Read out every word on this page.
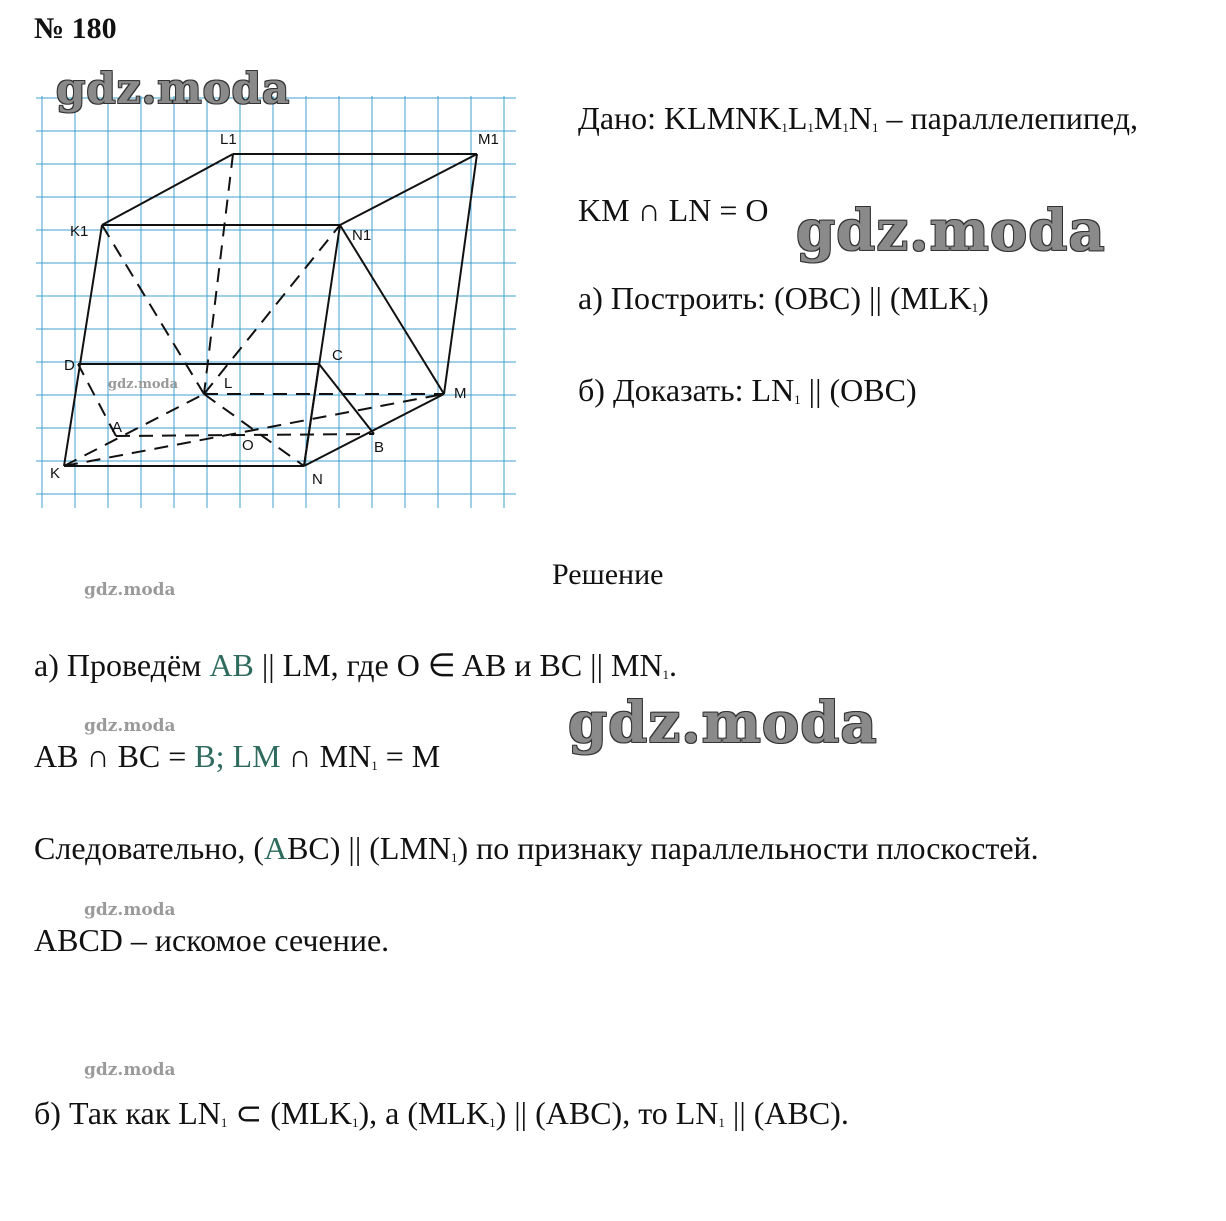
№ 180
L1	M1
K1	N1
D
C
L
M
A
O	B
K	N
gdz.moda
gdz.moda
Дано: $KLMNK_1L_1M_1N_1$ – параллелепипед,
KM ∩ LN = O gdz.moda
а) Построить: (OBC) || $(MLK_1)$
б) Доказать: $LN_1$ || (OBC)
Решение
gdz.moda
а) Проведём AB || LM, где O ∈ AB и BC || $MN_1$.
gdz.moda	gdz.moda
AB ∩ BC = B; LM ∩ $MN_1 = M$
Следовательно, (ABC) || $(LMN_1)$ по признаку параллельности плоскостей.
gdz.moda
ABCD – искомое сечение.
gdz.moda
б) Так как $LN_1$ ⊂ $(MLK_1)$, а $(MLK_1)$ || (ABC), то $LN_1$ || (ABC).
